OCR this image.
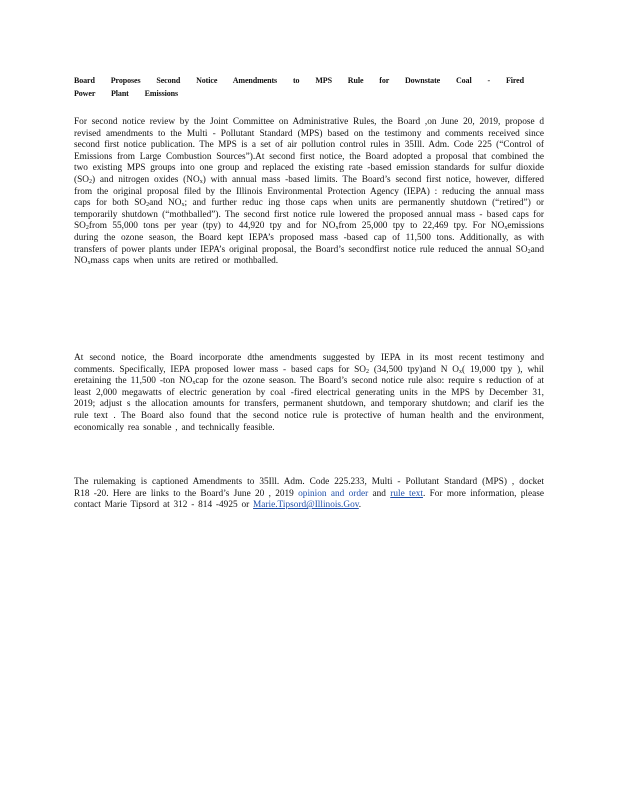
Board Proposes Second Notice Amendments to MPS Rule for Downstate Coal - Fired Power Plant Emissions

For second notice review by the Joint Committee on Administrative Rules, the Board ,on June 20, 2019, propose d revised amendments to the Multi - Pollutant Standard (MPS) based on the testimony and comments received since second first notice publication. The MPS is a set of air pollution control rules in 35Ill. Adm. Code 225 (“Control of Emissions from Large Combustion Sources”).At second first notice, the Board adopted a proposal that combined the two existing MPS groups into one group and replaced the existing rate -based emission standards for sulfur dioxide $(SO_2)$ and nitrogen oxides $(NO_x)$ with annual mass -based limits. The Board’s second first notice, however, differed from the original proposal filed by the Illinois Environmental Protection Agency (IEPA) : reducing the annual mass caps for both $SO_2and$ $NO_x$; and further reduc ing those caps when units are permanently shutdown (“retired”) or temporarily shutdown (“mothballed”). The second first notice rule lowered the proposed annual mass - based caps for $SO_2from$ 55,000 tons per year (tpy) to 44,920 tpy and for $NO_xfrom$ 25,000 tpy to 22,469 tpy. For $NO_xemissions$ during the ozone season, the Board kept IEPA’s proposed mass -based cap of 11,500 tons. Additionally, as with transfers of power plants under IEPA’s original proposal, the Board’s secondfirst notice rule reduced the annual $SO_2and$ $NO_xmass$ caps when units are retired or mothballed.

At second notice, the Board incorporate dthe amendments suggested by IEPA in its most recent testimony and comments. Specifically, IEPA proposed lower mass - based caps for $SO_2$ (34,500 tpy)and N $O_x$( 19,000 tpy ), whil eretaining the 11,500 -ton $NO_xcap$ for the ozone season. The Board’s second notice rule also: require s reduction of at least 2,000 megawatts of electric generation by coal -fired electrical generating units in the MPS by December 31, 2019; adjust s the allocation amounts for transfers, permanent shutdown, and temporary shutdown; and clarif ies the rule text . The Board also found that the second notice rule is protective of human health and the environment, economically rea sonable , and technically feasible.

The rulemaking is captioned Amendments to 35Ill. Adm. Code 225.233, Multi - Pollutant Standard (MPS) , docket R18 -20. Here are links to the Board’s June 20 , 2019 opinion and order and rule text. For more information, please contact Marie Tipsord at 312 - 814 -4925 or Marie.Tipsord@Illinois.Gov.
